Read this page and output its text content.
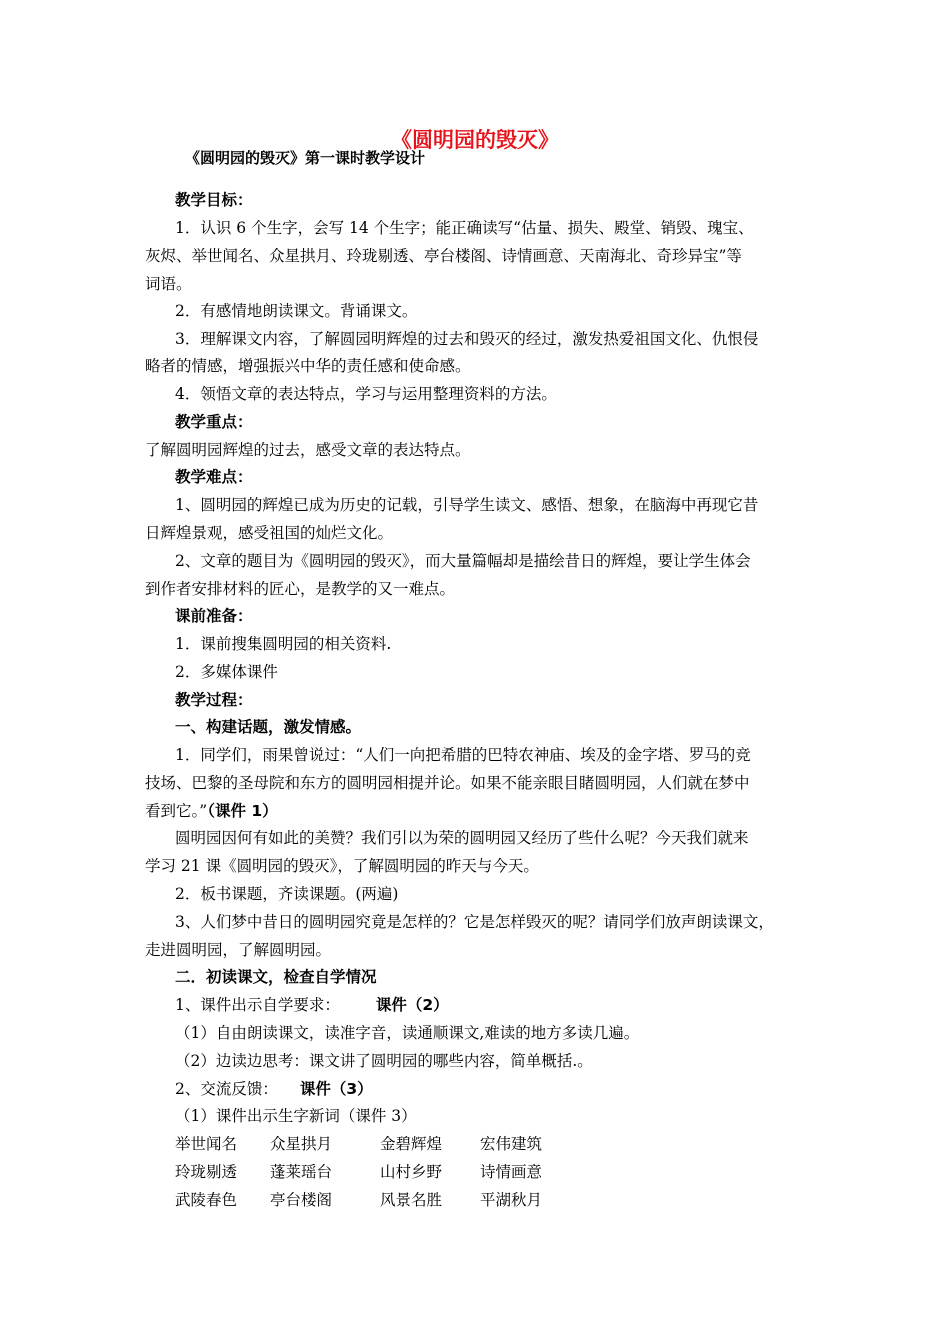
《圆明园的毁灭》
《圆明园的毁灭》第一课时教学设计
教学目标：
1．认识 6 个生字，会写 14 个生字；能正确读写“估量、损失、殿堂、销毁、瑰宝、
灰烬、举世闻名、众星拱月、玲珑剔透、亭台楼阁、诗情画意、天南海北、奇珍异宝”等
词语。
2．有感情地朗读课文。背诵课文。
3．理解课文内容，了解圆园明辉煌的过去和毁灭的经过，激发热爱祖国文化、仇恨侵
略者的情感，增强振兴中华的责任感和使命感。
4．领悟文章的表达特点，学习与运用整理资料的方法。
教学重点：
了解圆明园辉煌的过去，感受文章的表达特点。
教学难点：
1、圆明园的辉煌已成为历史的记载，引导学生读文、感悟、想象，在脑海中再现它昔
日辉煌景观，感受祖国的灿烂文化。
2、文章的题目为《圆明园的毁灭》，而大量篇幅却是描绘昔日的辉煌，要让学生体会
到作者安排材料的匠心，是教学的又一难点。
课前准备：
1．课前搜集圆明园的相关资料.
2．多媒体课件
教学过程：
一、构建话题，激发情感。
1．同学们，雨果曾说过：“人们一向把希腊的巴特农神庙、埃及的金字塔、罗马的竞
技场、巴黎的圣母院和东方的圆明园相提并论。如果不能亲眼目睹圆明园，人们就在梦中
看到它。”（课件 1）
圆明园因何有如此的美赞？我们引以为荣的圆明园又经历了些什么呢？今天我们就来
学习 21 课《圆明园的毁灭》，了解圆明园的昨天与今天。
2．板书课题，齐读课题。(两遍)
3、人们梦中昔日的圆明园究竟是怎样的？它是怎样毁灭的呢？请同学们放声朗读课文，
走进圆明园，了解圆明园。
二．初读课文，检查自学情况
1、课件出示自学要求： 课件（2）
（1）自由朗读课文，读准字音，读通顺课文,难读的地方多读几遍。
（2）边读边思考：课文讲了圆明园的哪些内容，简单概括.。
2、交流反馈： 课件（3）
（1）课件出示生字新词（课件 3）
举世闻名 众星拱月	金碧辉煌 宏伟建筑
玲珑剔透 蓬莱瑶台	山村乡野 诗情画意
武陵春色 亭台楼阁	风景名胜 平湖秋月
